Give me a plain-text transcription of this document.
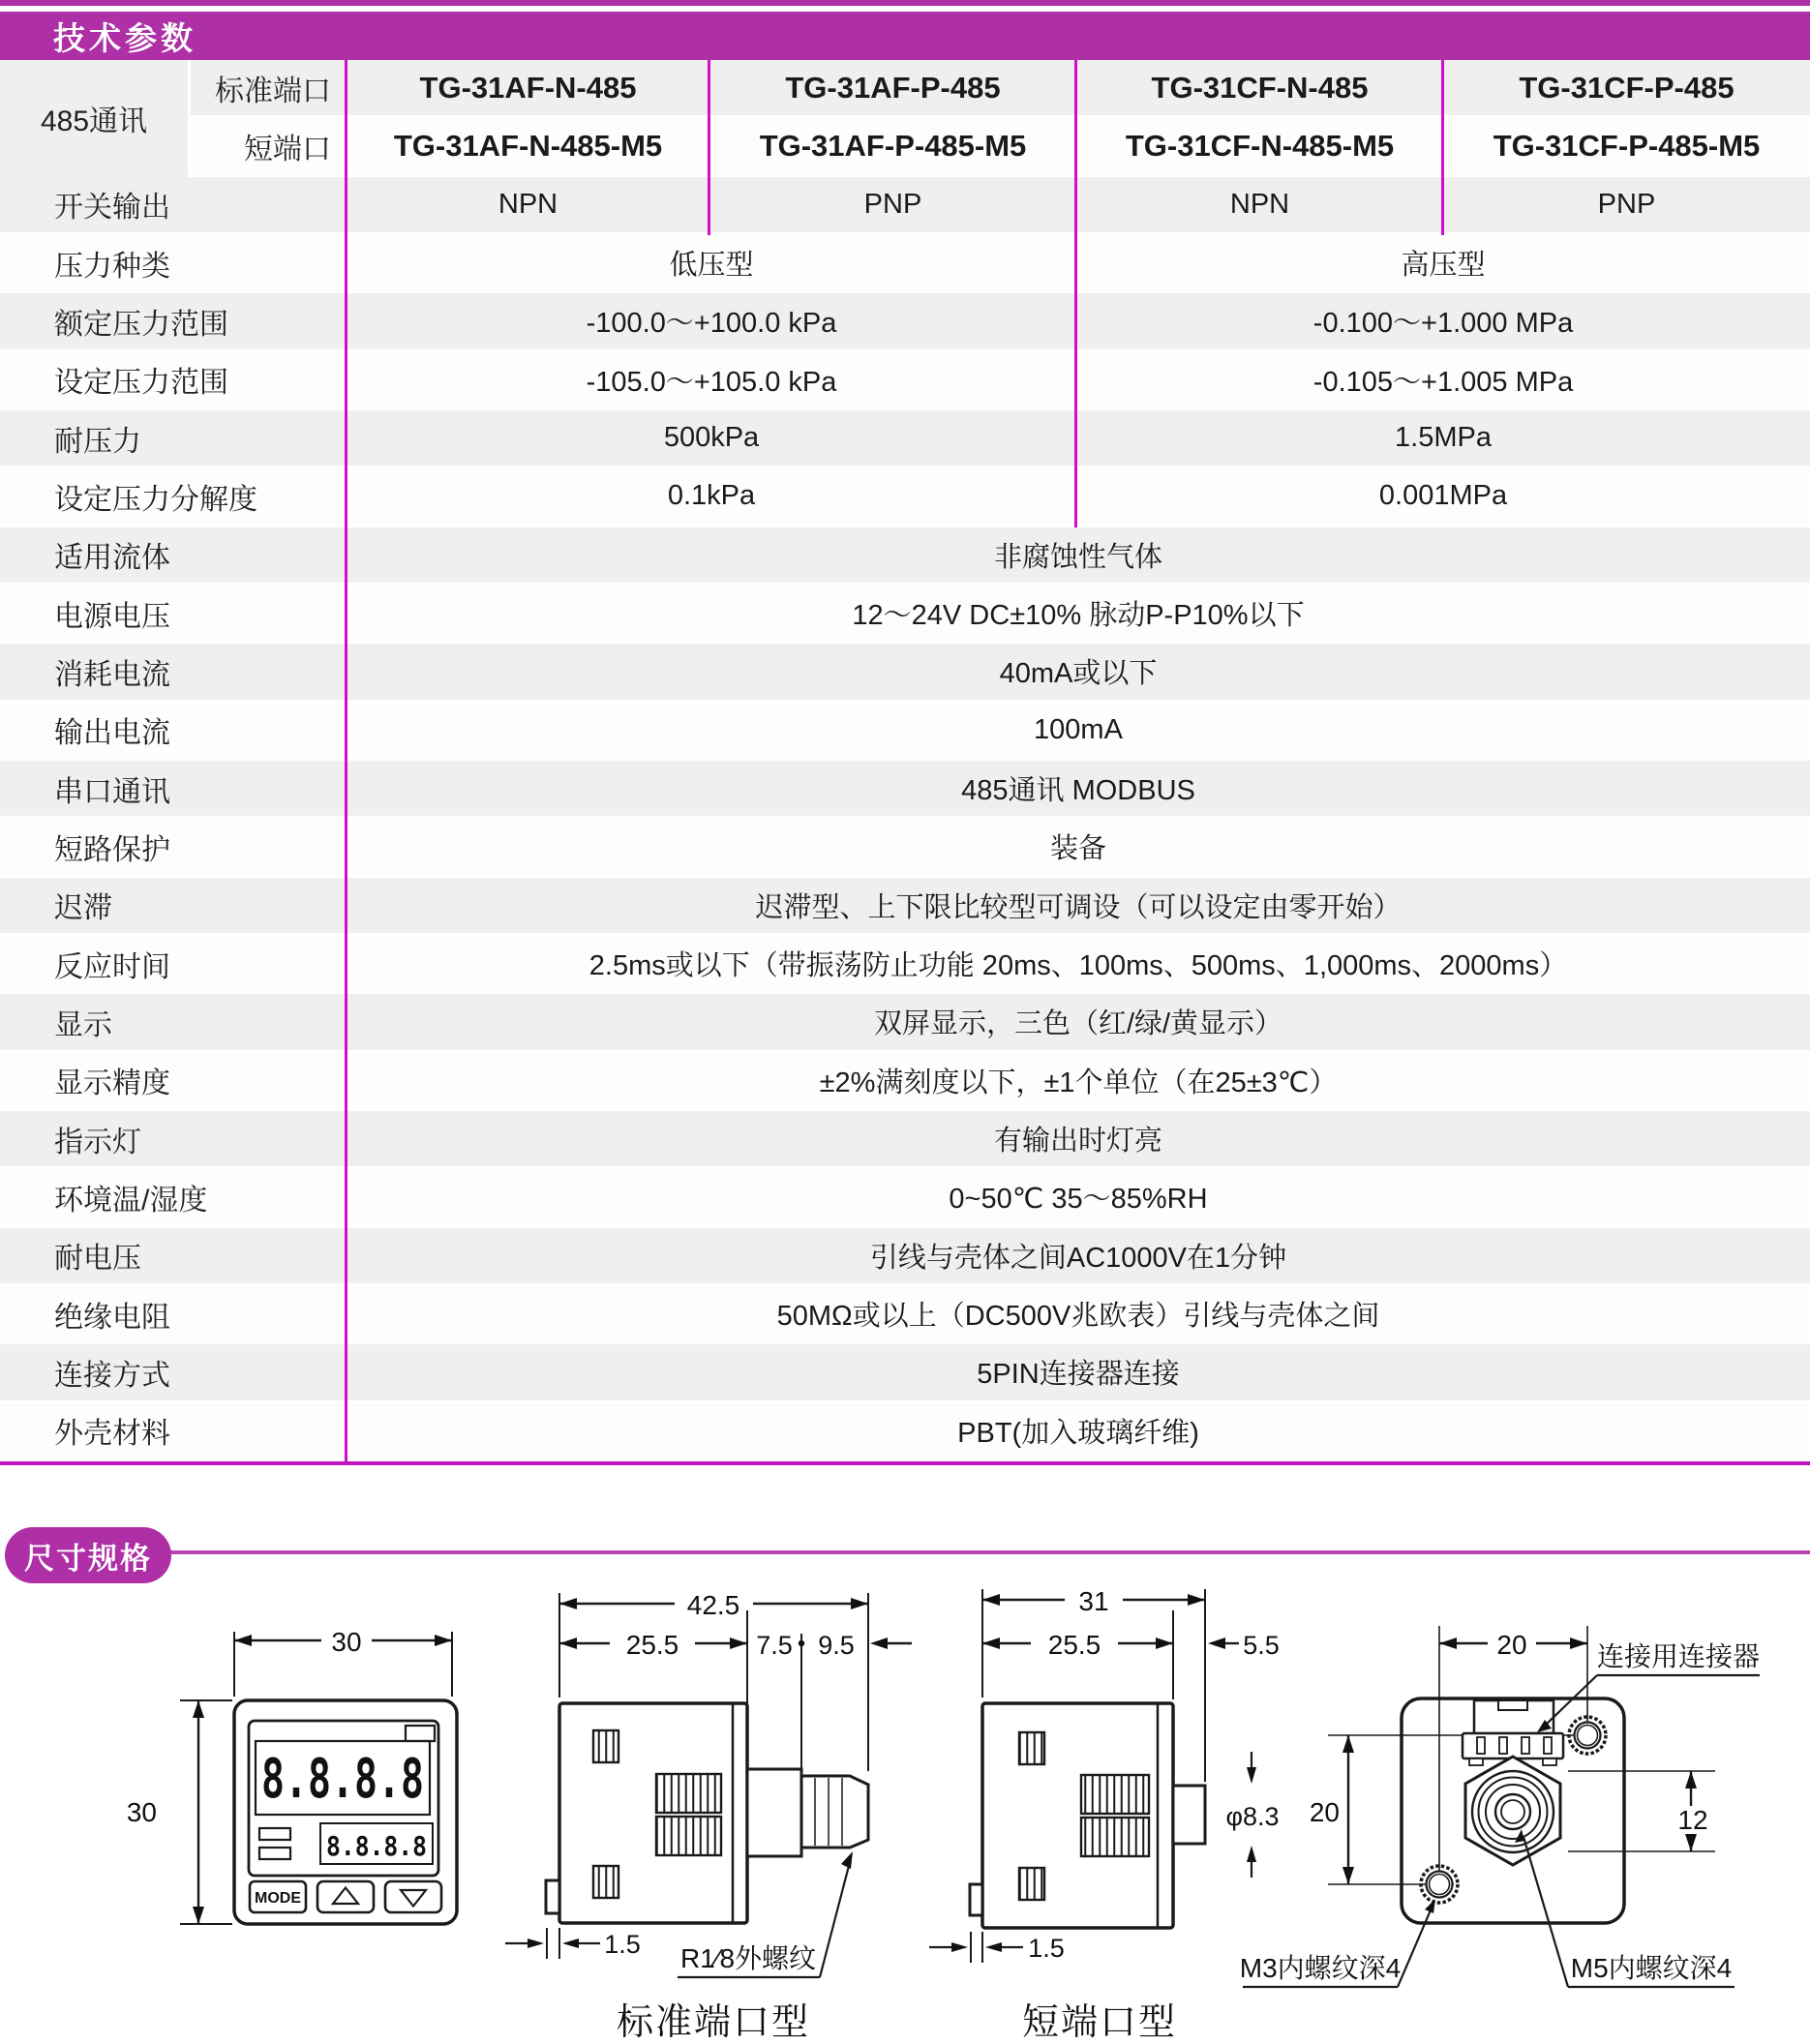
技术参数
485通讯
标准端口	TG-31AF-N-485	TG-31AF-P-485	TG-31CF-N-485	TG-31CF-P-485
短端口	TG-31AF-N-485-M5	TG-31AF-P-485-M5	TG-31CF-N-485-M5	TG-31CF-P-485-M5
开关输出	NPN	PNP	NPN	PNP
压力种类	低压型	高压型
额定压力范围	-100.0〜+100.0 kPa	-0.100〜+1.000 MPa
设定压力范围	-105.0〜+105.0 kPa	-0.105〜+1.005 MPa
耐压力	500kPa	1.5MPa
设定压力分解度	0.1kPa	0.001MPa
适用流体	非腐蚀性气体
电源电压	12〜24V DC±10% 脉动P-P10%以下
消耗电流	40mA或以下
输出电流	100mA
串口通讯	485通讯 MODBUS
短路保护	装备
迟滞	迟滞型、上下限比较型可调设（可以设定由零开始）
反应时间	2.5ms或以下（带振荡防止功能 20ms、100ms、500ms、1,000ms、2000ms）
显示	双屏显示，三色（红/绿/黄显示）
显示精度	±2%满刻度以下，±1个单位（在25±3℃）
指示灯	有输出时灯亮
环境温/湿度	0~50℃ 35〜85%RH
耐电压	引线与壳体之间AC1000V在1分钟
绝缘电阻	50MΩ或以上（DC500V兆欧表）引线与壳体之间
连接方式	5PIN连接器连接
外壳材料	PBT(加入玻璃纤维)
尺寸规格
30
30
8.8.8.8
8.8.8.8
MODE
42.5
25.5	7.5 9.5
1.5 R1⁄8外螺纹
标准端口型
31
25.5	5.5
φ8.3
1.5
短端口型
20
20	12
连接用连接器
M3内螺纹深4	M5内螺纹深4
